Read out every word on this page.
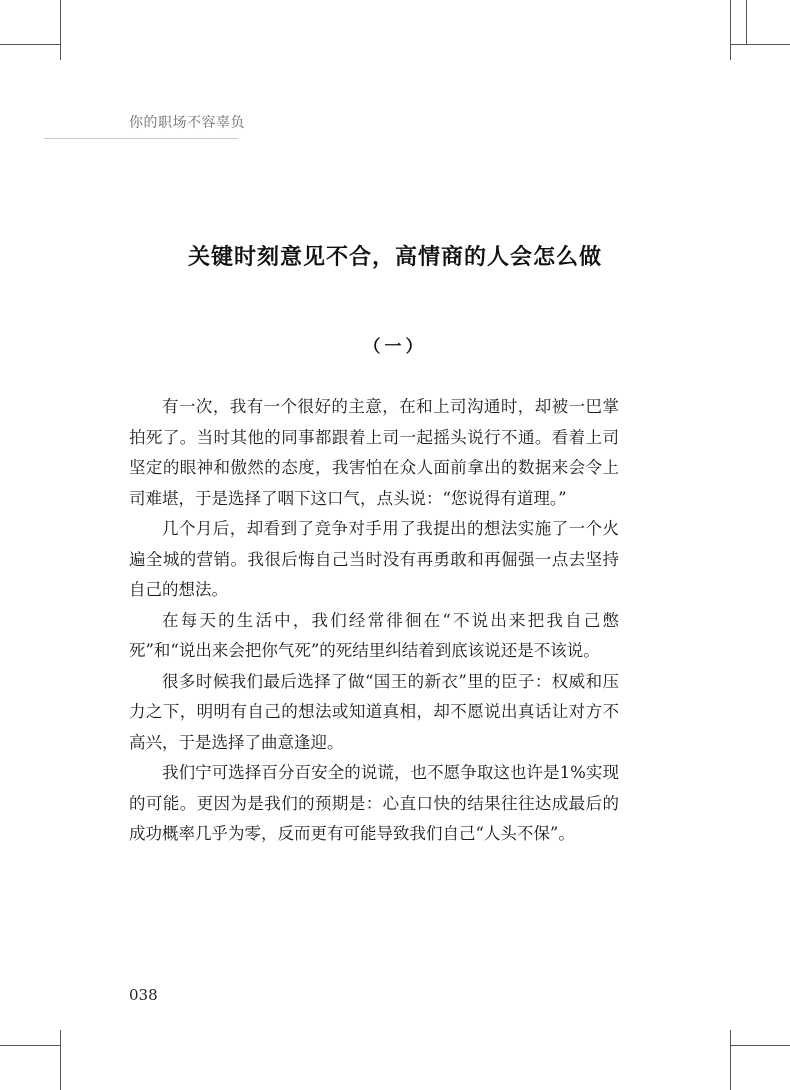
你的职场不容辜负
关键时刻意见不合，高情商的人会怎么做
（一）

有一次，我有一个很好的主意，在和上司沟通时，却被一巴掌拍死了。当时其他的同事都跟着上司一起摇头说行不通。看着上司坚定的眼神和傲然的态度，我害怕在众人面前拿出的数据来会令上司难堪，于是选择了咽下这口气，点头说：“您说得有道理。”

几个月后，却看到了竞争对手用了我提出的想法实施了一个火遍全城的营销。我很后悔自己当时没有再勇敢和再倔强一点去坚持自己的想法。

在每天的生活中，我们经常徘徊在“不说出来把我自己憋死”和“说出来会把你气死”的死结里纠结着到底该说还是不该说。

很多时候我们最后选择了做“国王的新衣”里的臣子：权威和压力之下，明明有自己的想法或知道真相，却不愿说出真话让对方不高兴，于是选择了曲意逢迎。

我们宁可选择百分百安全的说谎，也不愿争取这也许是1%实现的可能。更因为是我们的预期是：心直口快的结果往往达成最后的成功概率几乎为零，反而更有可能导致我们自己“人头不保”。

038
